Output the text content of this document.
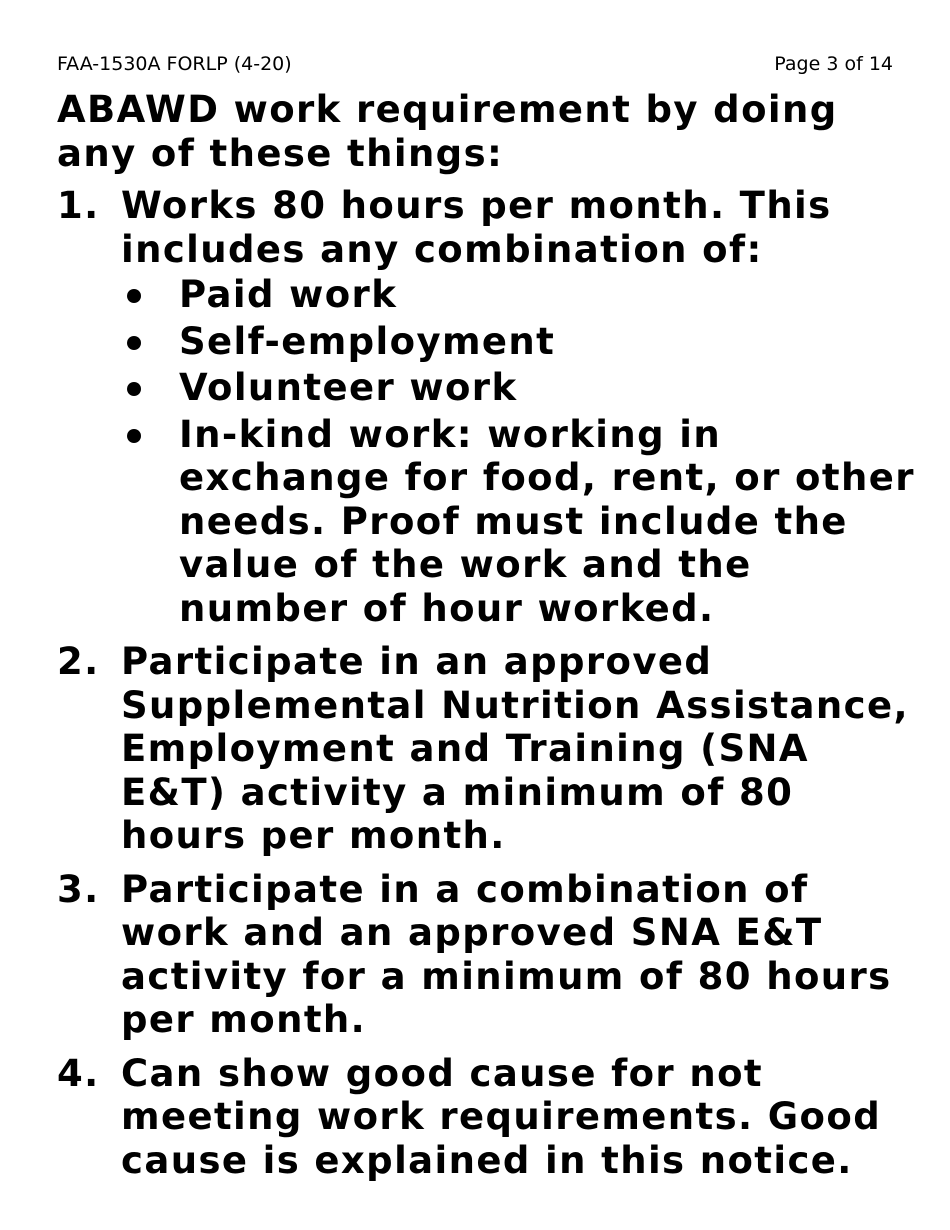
FAA-1530A FORLP (4-20)	Page 3 of 14

ABAWD work requirement by doing any of these things:

1. Works 80 hours per month. This includes any combination of:
Paid work
Self-employment
Volunteer work
In-kind work: working in exchange for food, rent, or other needs. Proof must include the value of the work and the number of hour worked.
2. Participate in an approved Supplemental Nutrition Assistance, Employment and Training (SNA E&T) activity a minimum of 80 hours per month.
3. Participate in a combination of work and an approved SNA E&T activity for a minimum of 80 hours per month.
4. Can show good cause for not meeting work requirements. Good cause is explained in this notice.
